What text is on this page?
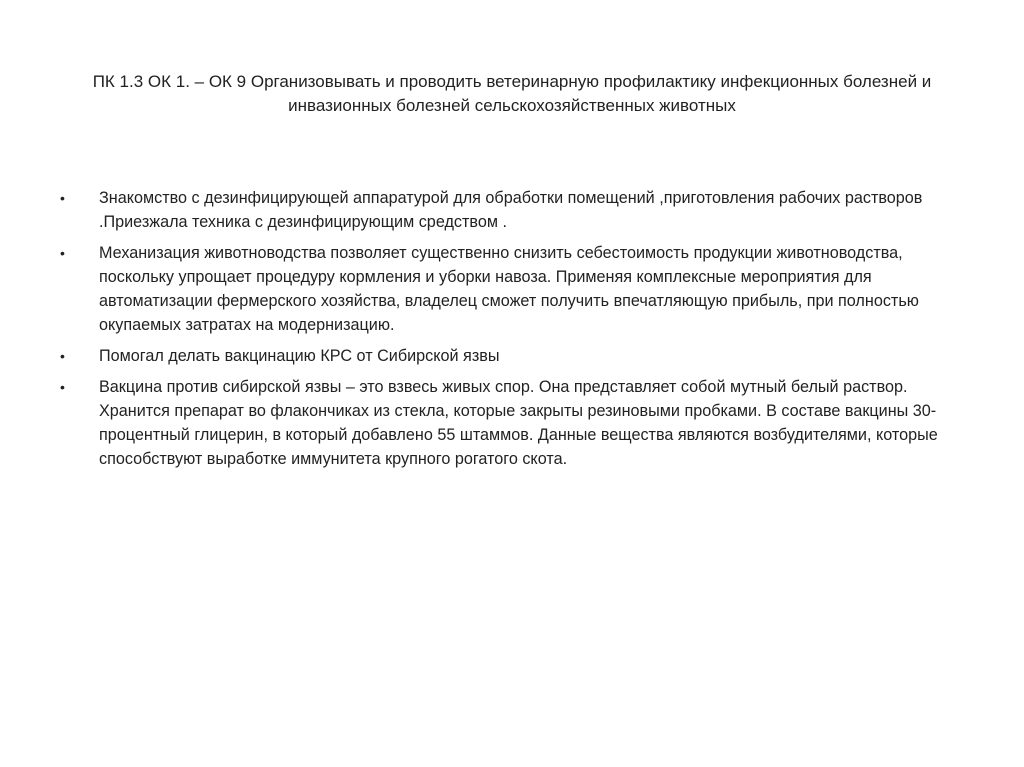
ПК 1.3 ОК 1. – ОК 9 Организовывать и проводить ветеринарную профилактику инфекционных болезней и инвазионных болезней сельскохозяйственных животных
•	Знакомство с дезинфицирующей аппаратурой для обработки помещений ,приготовления рабочих растворов .Приезжала техника с дезинфицирующим средством .
•	Механизация животноводства позволяет существенно снизить себестоимость продукции животноводства, поскольку упрощает процедуру кормления и уборки навоза. Применяя комплексные мероприятия для автоматизации фермерского хозяйства, владелец сможет получить впечатляющую прибыль, при полностью окупаемых затратах на модернизацию.
•	Помогал делать вакцинацию КРС от Сибирской язвы
•	Вакцина против сибирской язвы – это взвесь живых спор. Она представляет собой мутный белый раствор. Хранится препарат во флакончиках из стекла, которые закрыты резиновыми пробками. В составе вакцины 30-процентный глицерин, в который добавлено 55 штаммов. Данные вещества являются возбудителями, которые способствуют выработке иммунитета крупного рогатого скота.
